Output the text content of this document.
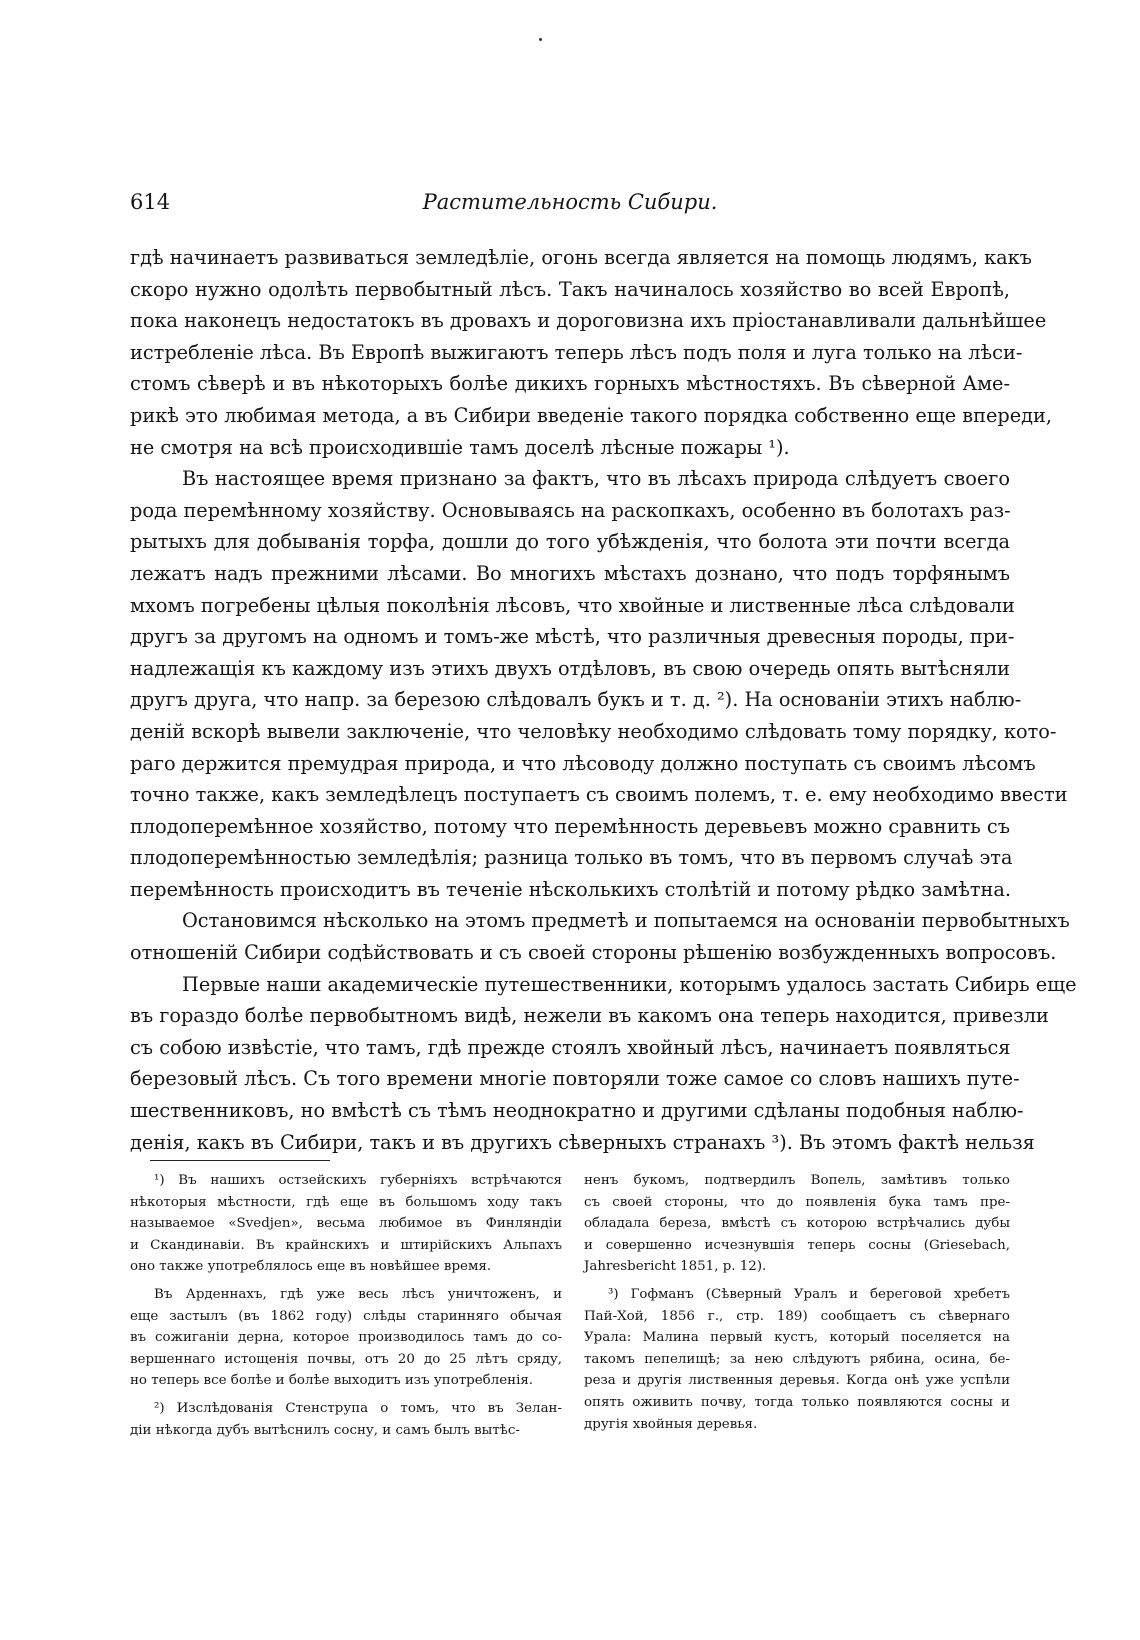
614	Растительность Сибири.
гдѣ начинаетъ развиваться земледѣліе, огонь всегда является на помощь людямъ, какъ
скоро нужно одолѣть первобытный лѣсъ. Такъ начиналось хозяйство во всей Европѣ,
пока наконецъ недостатокъ въ дровахъ и дороговизна ихъ пріостанавливали дальнѣйшее
истребленіе лѣса. Въ Европѣ выжигаютъ теперь лѣсъ подъ поля и луга только на лѣси-
стомъ сѣверѣ и въ нѣкоторыхъ болѣе дикихъ горныхъ мѣстностяхъ. Въ сѣверной Аме-
рикѣ это любимая метода, а въ Сибири введеніе такого порядка собственно еще впереди,
не смотря на всѣ происходившіе тамъ доселѣ лѣсные пожары ¹).
Въ настоящее время признано за фактъ, что въ лѣсахъ природа слѣдуетъ своего
рода перемѣнному хозяйству. Основываясь на раскопкахъ, особенно въ болотахъ раз-
рытыхъ для добыванія торфа, дошли до того убѣжденія, что болота эти почти всегда
лежатъ надъ прежними лѣсами. Во многихъ мѣстахъ дознано, что подъ торфянымъ
мхомъ погребены цѣлыя поколѣнія лѣсовъ, что хвойные и лиственные лѣса слѣдовали
другъ за другомъ на одномъ и томъ-же мѣстѣ, что различныя древесныя породы, при-
надлежащія къ каждому изъ этихъ двухъ отдѣловъ, въ свою очередь опять вытѣсняли
другъ друга, что напр. за березою слѣдовалъ букъ и т. д. ²). На основаніи этихъ наблю-
деній вскорѣ вывели заключеніе, что человѣку необходимо слѣдовать тому порядку, кото-
раго держится премудрая природа, и что лѣсоводу должно поступать съ своимъ лѣсомъ
точно также, какъ земледѣлецъ поступаетъ съ своимъ полемъ, т. е. ему необходимо ввести
плодоперемѣнное хозяйство, потому что перемѣнность деревьевъ можно сравнить съ
плодоперемѣнностью земледѣлія; разница только въ томъ, что въ первомъ случаѣ эта
перемѣнность происходитъ въ теченіе нѣсколькихъ столѣтій и потому рѣдко замѣтна.
Остановимся нѣсколько на этомъ предметѣ и попытаемся на основаніи первобытныхъ
отношеній Сибири содѣйствовать и съ своей стороны рѣшенію возбужденныхъ вопросовъ.
Первые наши академическіе путешественники, которымъ удалось застать Сибирь еще
въ гораздо болѣе первобытномъ видѣ, нежели въ какомъ она теперь находится, привезли
съ собою извѣстіе, что тамъ, гдѣ прежде стоялъ хвойный лѣсъ, начинаетъ появляться
березовый лѣсъ. Съ того времени многіе повторяли тоже самое со словъ нашихъ путе-
шественниковъ, но вмѣстѣ съ тѣмъ неоднократно и другими сдѣланы подобныя наблю-
денія, какъ въ Сибири, такъ и въ другихъ сѣверныхъ странахъ ³). Въ этомъ фактѣ нельзя
¹) Въ нашихъ остзейскихъ губерніяхъ встрѣчаются
нѣкоторыя мѣстности, гдѣ еще въ большомъ ходу такъ
называемое «Svedjen», весьма любимое въ Финляндіи
и Скандинавіи. Въ крайнскихъ и штирійскихъ Альпахъ
оно также употреблялось еще въ новѣйшее время.
Въ Арденнахъ, гдѣ уже весь лѣсъ уничтоженъ, и
еще застылъ (въ 1862 году) слѣды старинняго обычая
въ сожиганіи дерна, которое производилось тамъ до со-
вершеннаго истощенія почвы, отъ 20 до 25 лѣтъ сряду,
но теперь все болѣе и болѣе выходитъ изъ употребленія.
²) Изслѣдованія Стенструпа о томъ, что въ Зелан-
діи нѣкогда дубъ вытѣснилъ сосну, и самъ былъ вытѣс-
ненъ букомъ, подтвердилъ Вопель, замѣтивъ только
съ своей стороны, что до появленія бука тамъ пре-
обладала береза, вмѣстѣ съ которою встрѣчались дубы
и совершенно исчезнувшія теперь сосны (Griesebach,
Jahresbericht 1851, p. 12).
³) Гофманъ (Сѣверный Уралъ и береговой хребетъ
Пай-Хой, 1856 г., стр. 189) сообщаетъ съ сѣвернаго
Урала: Малина первый кустъ, который поселяется на
такомъ пепелищѣ; за нею слѣдуютъ рябина, осина, бе-
реза и другія лиственныя деревья. Когда онѣ уже успѣли
опять оживить почву, тогда только появляются сосны и
другія хвойныя деревья.
